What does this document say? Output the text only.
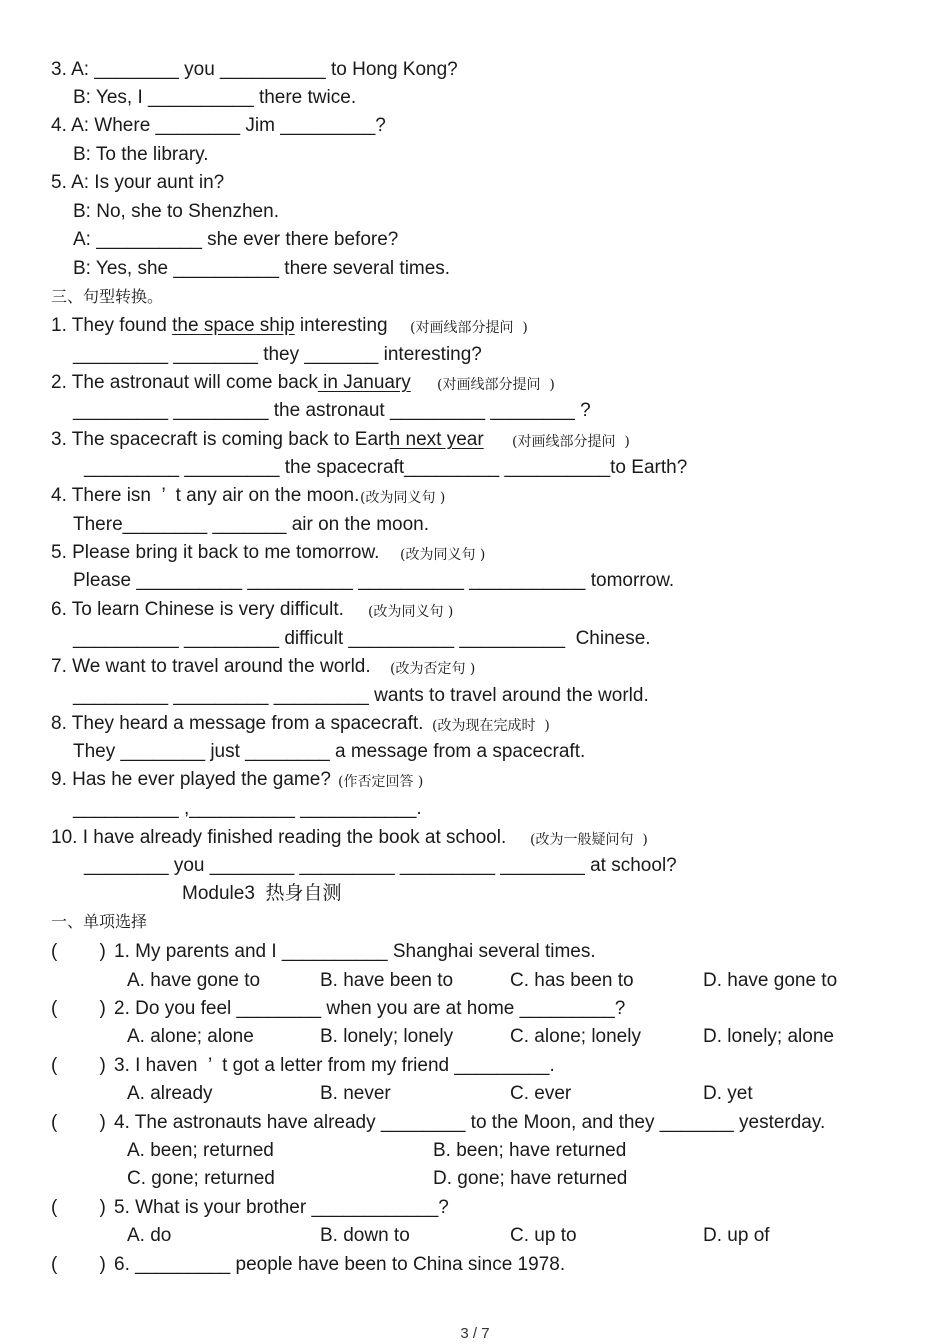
3. A: ________ you __________ to Hong Kong?
B: Yes, I __________ there twice.
4. A: Where ________ Jim _________?
B: To the library.
5. A: Is your aunt in?
B: No, she to Shenzhen.
A: __________ she ever there before?
B: Yes, she __________ there several times.
三、句型转换。
1. They found the space ship interesting (对画线部分提问  )
_________ ________ they _______ interesting?
2. The astronaut will come back in January (对画线部分提问  )
_________ _________ the astronaut _________ ________ ?
3. The spacecraft is coming back to Earth next year (对画线部分提问  )
_________ _________ the spacecraft_________ __________to Earth?
4. There isn  ’  t any air on the moon. (改为同义句 )
There________ _______ air on the moon.
5. Please bring it back to me tomorrow. (改为同义句 )
Please __________ __________ __________ ___________ tomorrow.
6. To learn Chinese is very difficult. (改为同义句 )
__________ _________ difficult __________ __________  Chinese.
7. We want to travel around the world. (改为否定句 )
_________ _________ _________ wants to travel around the world.
8. They heard a message from a spacecraft. (改为现在完成时  )
They ________ just ________ a message from a spacecraft.
9. Has he ever played the game? (作否定回答 )
__________ ,__________ ___________.
10. I have already finished reading the book at school. (改为一般疑问句  )
________ you ________ _________ _________ ________ at school?
Module3  热身自测
一、单项选择
(        ) 1. My parents and I __________ Shanghai several times.
A. have gone to	B. have been to	C. has been to	D. have gone to
(        ) 2. Do you feel ________ when you are at home _________?
A. alone; alone	B. lonely; lonely	C. alone; lonely	D. lonely; alone
(        ) 3. I haven  ’  t got a letter from my friend _________.
A. already	B. never	C. ever	D. yet
(        ) 4. The astronauts have already ________ to the Moon, and they _______ yesterday.
A. been; returned	B. been; have returned
C. gone; returned	D. gone; have returned
(        ) 5. What is your brother ____________?
A. do	B. down to	C. up to	D. up of
(        ) 6. _________ people have been to China since 1978.
3 / 7
